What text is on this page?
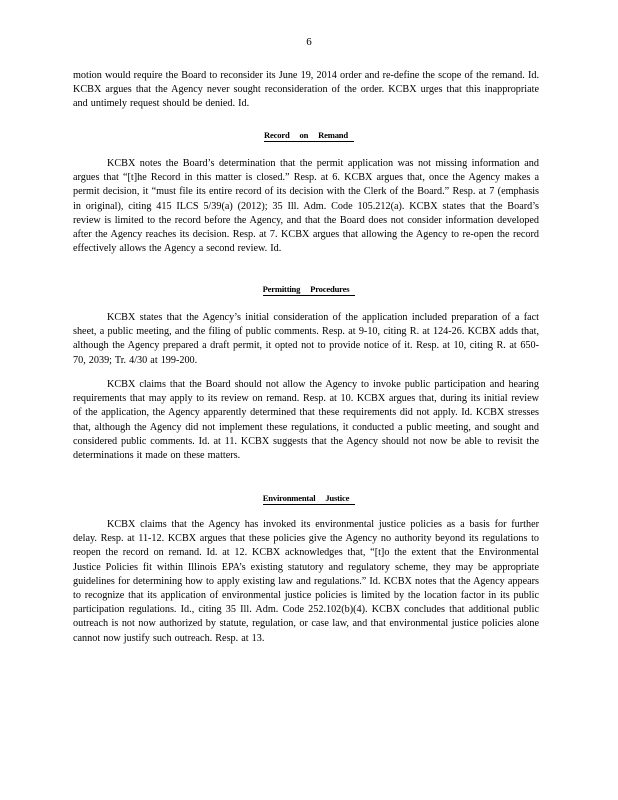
6

motion would require the Board to reconsider its June 19, 2014 order and re-define the scope of the remand. Id. KCBX argues that the Agency never sought reconsideration of the order. KCBX urges that this inappropriate and untimely request should be denied. Id.

Record on Remand

KCBX notes the Board’s determination that the permit application was not missing information and argues that “[t]he Record in this matter is closed.” Resp. at 6. KCBX argues that, once the Agency makes a permit decision, it “must file its entire record of its decision with the Clerk of the Board.” Resp. at 7 (emphasis in original), citing 415 ILCS 5/39(a) (2012); 35 Ill. Adm. Code 105.212(a). KCBX states that the Board’s review is limited to the record before the Agency, and that the Board does not consider information developed after the Agency reaches its decision. Resp. at 7. KCBX argues that allowing the Agency to re-open the record effectively allows the Agency a second review. Id.

Permitting Procedures

KCBX states that the Agency’s initial consideration of the application included preparation of a fact sheet, a public meeting, and the filing of public comments. Resp. at 9-10, citing R. at 124-26. KCBX adds that, although the Agency prepared a draft permit, it opted not to provide notice of it. Resp. at 10, citing R. at 650-70, 2039; Tr. 4/30 at 199-200.

KCBX claims that the Board should not allow the Agency to invoke public participation and hearing requirements that may apply to its review on remand. Resp. at 10. KCBX argues that, during its initial review of the application, the Agency apparently determined that these requirements did not apply. Id. KCBX stresses that, although the Agency did not implement these regulations, it conducted a public meeting, and sought and considered public comments. Id. at 11. KCBX suggests that the Agency should not now be able to revisit the determinations it made on these matters.

Environmental Justice

KCBX claims that the Agency has invoked its environmental justice policies as a basis for further delay. Resp. at 11-12. KCBX argues that these policies give the Agency no authority beyond its regulations to reopen the record on remand. Id. at 12. KCBX acknowledges that, “[t]o the extent that the Environmental Justice Policies fit within Illinois EPA’s existing statutory and regulatory scheme, they may be appropriate guidelines for determining how to apply existing law and regulations.” Id. KCBX notes that the Agency appears to recognize that its application of environmental justice policies is limited by the location factor in its public participation regulations. Id., citing 35 Ill. Adm. Code 252.102(b)(4). KCBX concludes that additional public outreach is not now authorized by statute, regulation, or case law, and that environmental justice policies alone cannot now justify such outreach. Resp. at 13.
